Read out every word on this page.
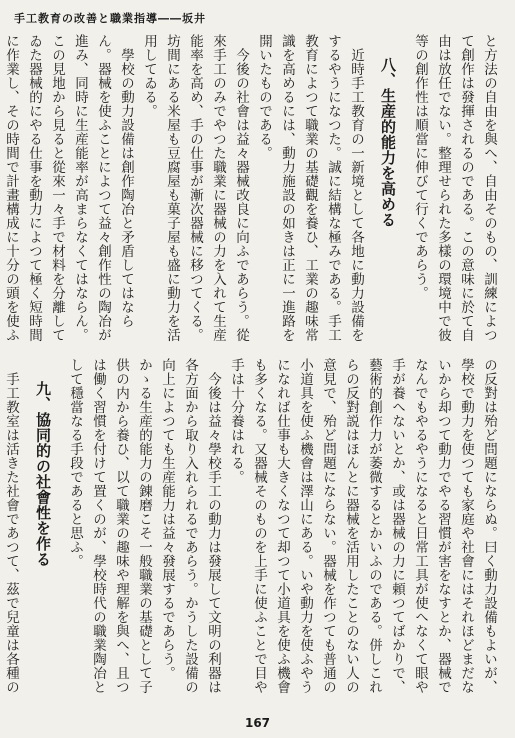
手工教育の改善と職業指導――坂井

と方法の自由を與へ、自由そのもの、訓練によつて創作は發揮されるのである。この意味に於て自由は放任でない。整理せられた多樣の環境中で彼等の創作性は順當に伸びて行くであらう。

八、生産的能力を高める

近時手工教育の一新境として各地に動力設備をするやうになつた。誠に結構な極みである。手工教育によつて職業の基礎觀を養ひ、工業の趣味常識を高めるには、動力施設の如きは正に一進路を開いたものである。

今後の社會は益々器械改良に向ふであらう。從來手工のみでやつた職業に器械の力を入れて生産能率を高め、手の仕事が漸次器械に移つてくる。坊間にある米屋も豆腐屋も菓子屋も盛に動力を活用してゐる。

學校の動力設備は創作陶冶と矛盾してはならん。器械を使ふことによつて益々創作性の陶冶が進み、同時に生産能率が高まらなくてはならん。この見地から見ると從來一々手で材料を分離してゐた器械的にやる仕事を動力によつて極く短時間に作業し、その時間で計畫構成に十分の頭を使ふ

の反對は殆ど問題にならぬ。曰く動力設備もよいが、學校で動力を使つても家庭や社會にはそれほどまだないから却つて動力でやる習慣が害をなすとか、器械でなんでもやるやうになると日常工具が使へなくて眼や手が養へないとか、或は器械の力に頼つてばかりで、藝術的創作力が萎微するとかいふのである。併しこれらの反對説はほんとに器械を活用したことのない人の意見で、殆ど問題にならない。器械を作つても普通の小道具を使ふ機會は澤山にある。いや動力を使ふやうになれば仕事も大きくなつて却つて小道具を使ふ機會も多くなる。又器械そのものを上手に使ふことで目や手は十分養はれる。

今後は益々學校手工の動力は發展して文明の利器は各方面から取り入れられるであらう。かうした設備の向上によつても生産能力は益々發展するであらう。かゝる生産的能力の錬磨こそ一般職業の基礎として子供の内から養ひ、以て職業の趣味や理解を與へ、且つは働く習慣を付けて置くのが、學校時代の職業陶冶として穩當なる手段であると思ふ。

九、協同的の社會性を作る

手工教室は活きた社會であつて、茲で兒童は各種の

167
